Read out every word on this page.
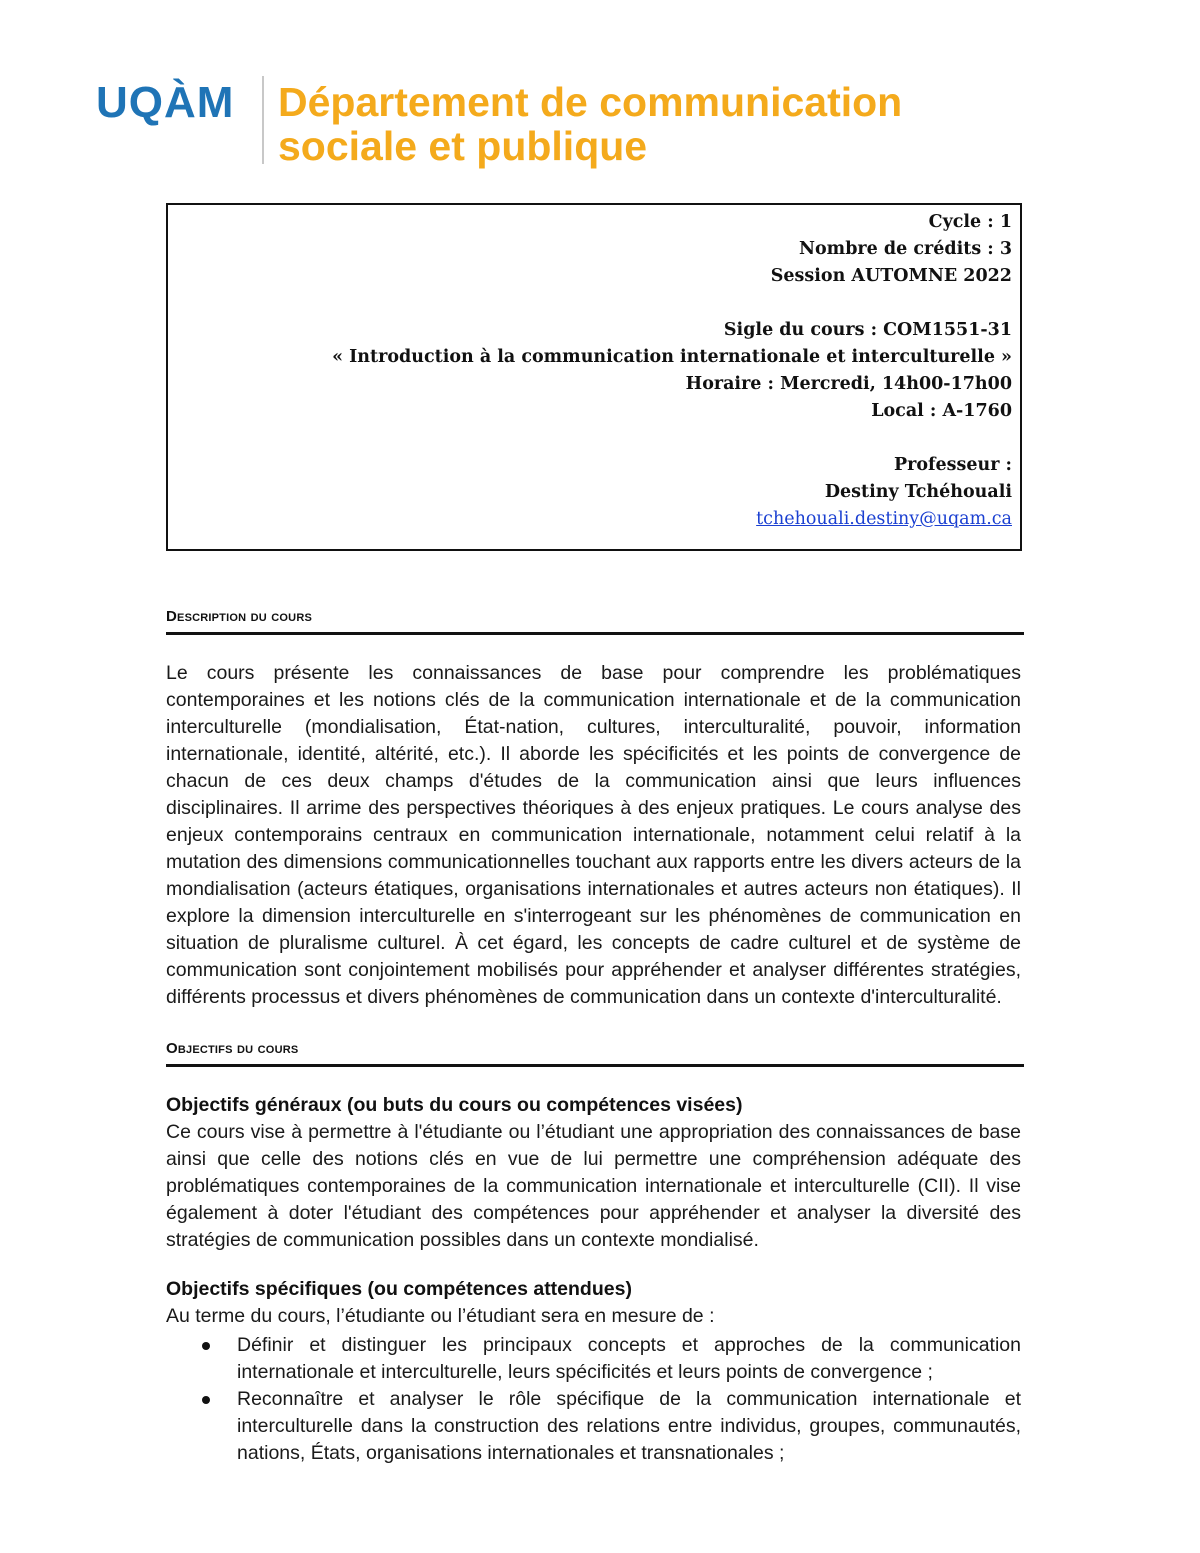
UQÀM Département de communication
sociale et publique
Cycle : 1
Nombre de crédits : 3
Session AUTOMNE 2022
Sigle du cours : COM1551-31
« Introduction à la communication internationale et interculturelle »
Horaire : Mercredi, 14h00-17h00
Local : A-1760
Professeur :
Destiny Tchéhouali
tchehouali.destiny@uqam.ca
Description du cours
Le cours présente les connaissances de base pour comprendre les problématiques contemporaines et les notions clés de la communication internationale et de la communication interculturelle (mondialisation, État-nation, cultures, interculturalité, pouvoir, information internationale, identité, altérité, etc.). Il aborde les spécificités et les points de convergence de chacun de ces deux champs d'études de la communication ainsi que leurs influences disciplinaires. Il arrime des perspectives théoriques à des enjeux pratiques. Le cours analyse des enjeux contemporains centraux en communication internationale, notamment celui relatif à la mutation des dimensions communicationnelles touchant aux rapports entre les divers acteurs de la mondialisation (acteurs étatiques, organisations internationales et autres acteurs non étatiques). Il explore la dimension interculturelle en s'interrogeant sur les phénomènes de communication en situation de pluralisme culturel. À cet égard, les concepts de cadre culturel et de système de communication sont conjointement mobilisés pour appréhender et analyser différentes stratégies, différents processus et divers phénomènes de communication dans un contexte d'interculturalité.
Objectifs du cours
Objectifs généraux (ou buts du cours ou compétences visées)
Ce cours vise à permettre à l'étudiante ou l’étudiant une appropriation des connaissances de base ainsi que celle des notions clés en vue de lui permettre une compréhension adéquate des problématiques contemporaines de la communication internationale et interculturelle (CII). Il vise également à doter l'étudiant des compétences pour appréhender et analyser la diversité des stratégies de communication possibles dans un contexte mondialisé.
Objectifs spécifiques (ou compétences attendues)
Au terme du cours, l’étudiante ou l’étudiant sera en mesure de :
Définir et distinguer les principaux concepts et approches de la communication internationale et interculturelle, leurs spécificités et leurs points de convergence ;
Reconnaître et analyser le rôle spécifique de la communication internationale et interculturelle dans la construction des relations entre individus, groupes, communautés, nations, États, organisations internationales et transnationales ;
